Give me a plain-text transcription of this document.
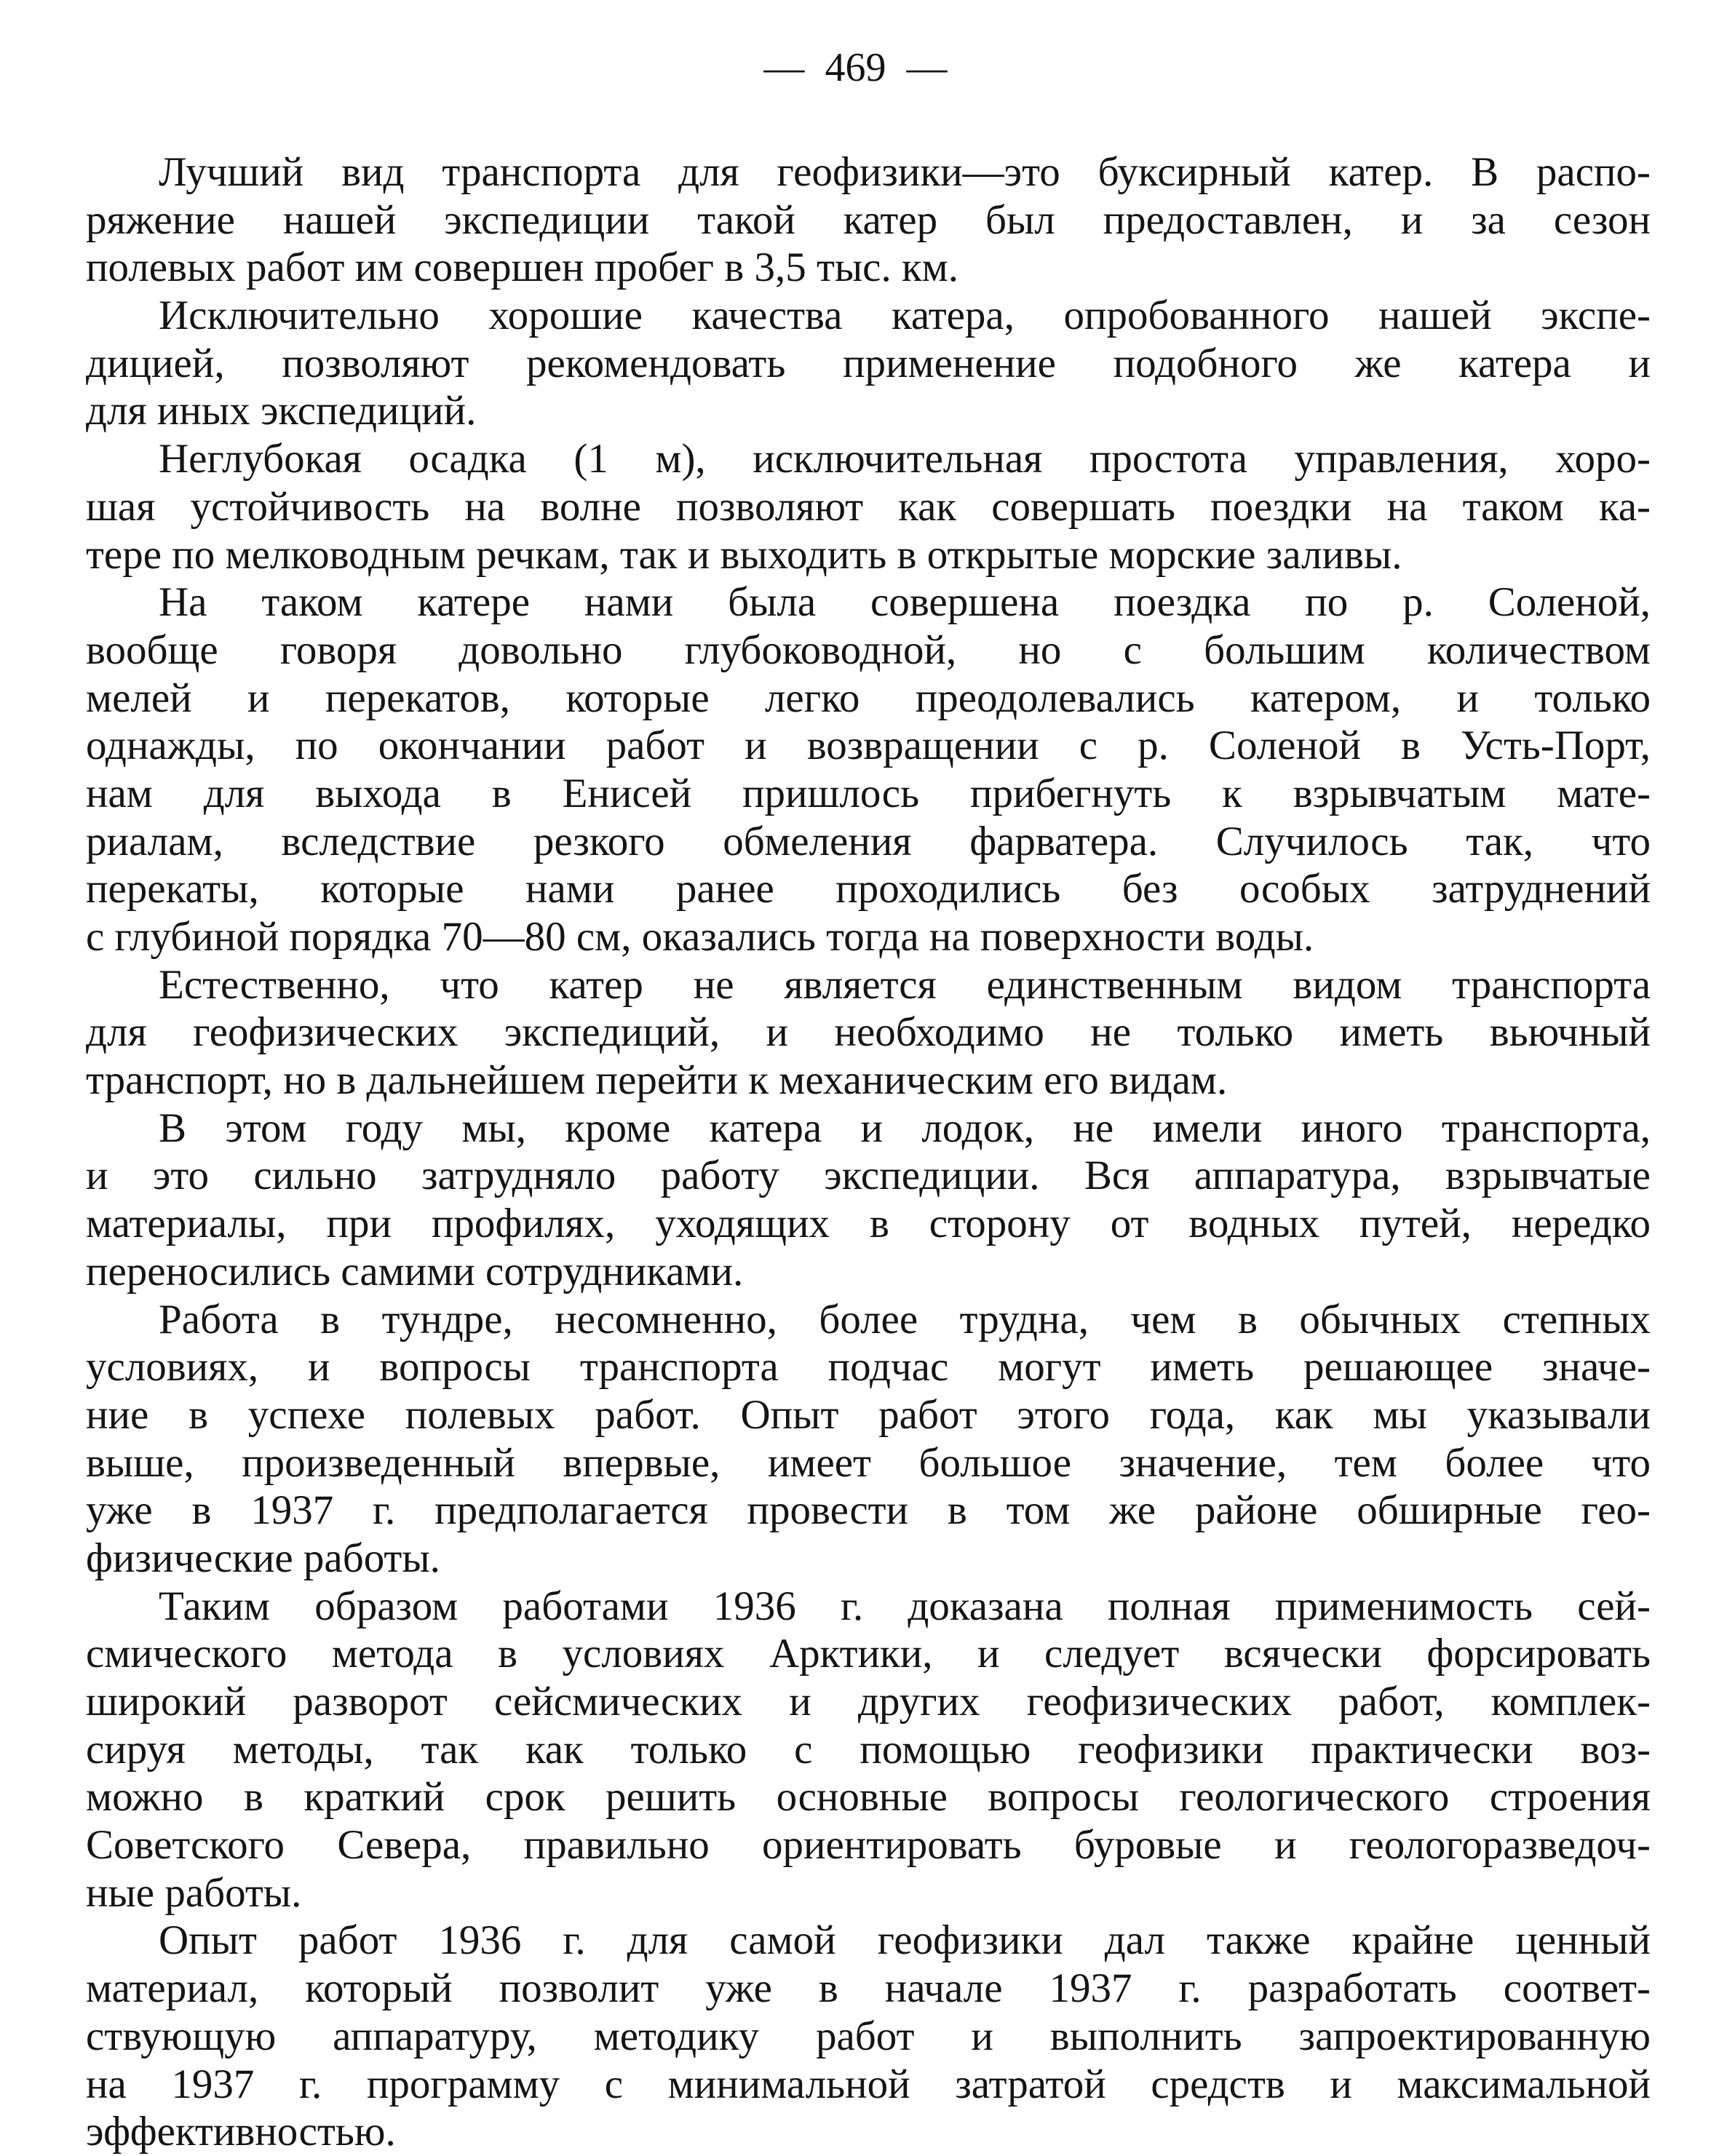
— 469 —
Лучший вид транспорта для геофизики—это буксирный катер. В распо-
ряжение нашей экспедиции такой катер был предоставлен, и за сезон
полевых работ им совершен пробег в 3,5 тыс. км.
Исключительно хорошие качества катера, опробованного нашей экспе-
дицией, позволяют рекомендовать применение подобного же катера и
для иных экспедиций.
Неглубокая осадка (1 м), исключительная простота управления, хоро-
шая устойчивость на волне позволяют как совершать поездки на таком ка-
тере по мелководным речкам, так и выходить в открытые морские заливы.
На таком катере нами была совершена поездка по р. Соленой,
вообще говоря довольно глубоководной, но с большим количеством
мелей и перекатов, которые легко преодолевались катером, и только
однажды, по окончании работ и возвращении с р. Соленой в Усть-Порт,
нам для выхода в Енисей пришлось прибегнуть к взрывчатым мате-
риалам, вследствие резкого обмеления фарватера. Случилось так, что
перекаты, которые нами ранее проходились без особых затруднений
с глубиной порядка 70—80 см, оказались тогда на поверхности воды.
Естественно, что катер не является единственным видом транспорта
для геофизических экспедиций, и необходимо не только иметь вьючный
транспорт, но в дальнейшем перейти к механическим его видам.
В этом году мы, кроме катера и лодок, не имели иного транспорта,
и это сильно затрудняло работу экспедиции. Вся аппаратура, взрывчатые
материалы, при профилях, уходящих в сторону от водных путей, нередко
переносились самими сотрудниками.
Работа в тундре, несомненно, более трудна, чем в обычных степных
условиях, и вопросы транспорта подчас могут иметь решающее значе-
ние в успехе полевых работ. Опыт работ этого года, как мы указывали
выше, произведенный впервые, имеет большое значение, тем более что
уже в 1937 г. предполагается провести в том же районе обширные гео-
физические работы.
Таким образом работами 1936 г. доказана полная применимость сей-
смического метода в условиях Арктики, и следует всячески форсировать
широкий разворот сейсмических и других геофизических работ, комплек-
сируя методы, так как только с помощью геофизики практически воз-
можно в краткий срок решить основные вопросы геологического строения
Советского Севера, правильно ориентировать буровые и геологоразведоч-
ные работы.
Опыт работ 1936 г. для самой геофизики дал также крайне ценный
материал, который позволит уже в начале 1937 г. разработать соответ-
ствующую аппаратуру, методику работ и выполнить запроектированную
на 1937 г. программу с минимальной затратой средств и максимальной
эффективностью.
